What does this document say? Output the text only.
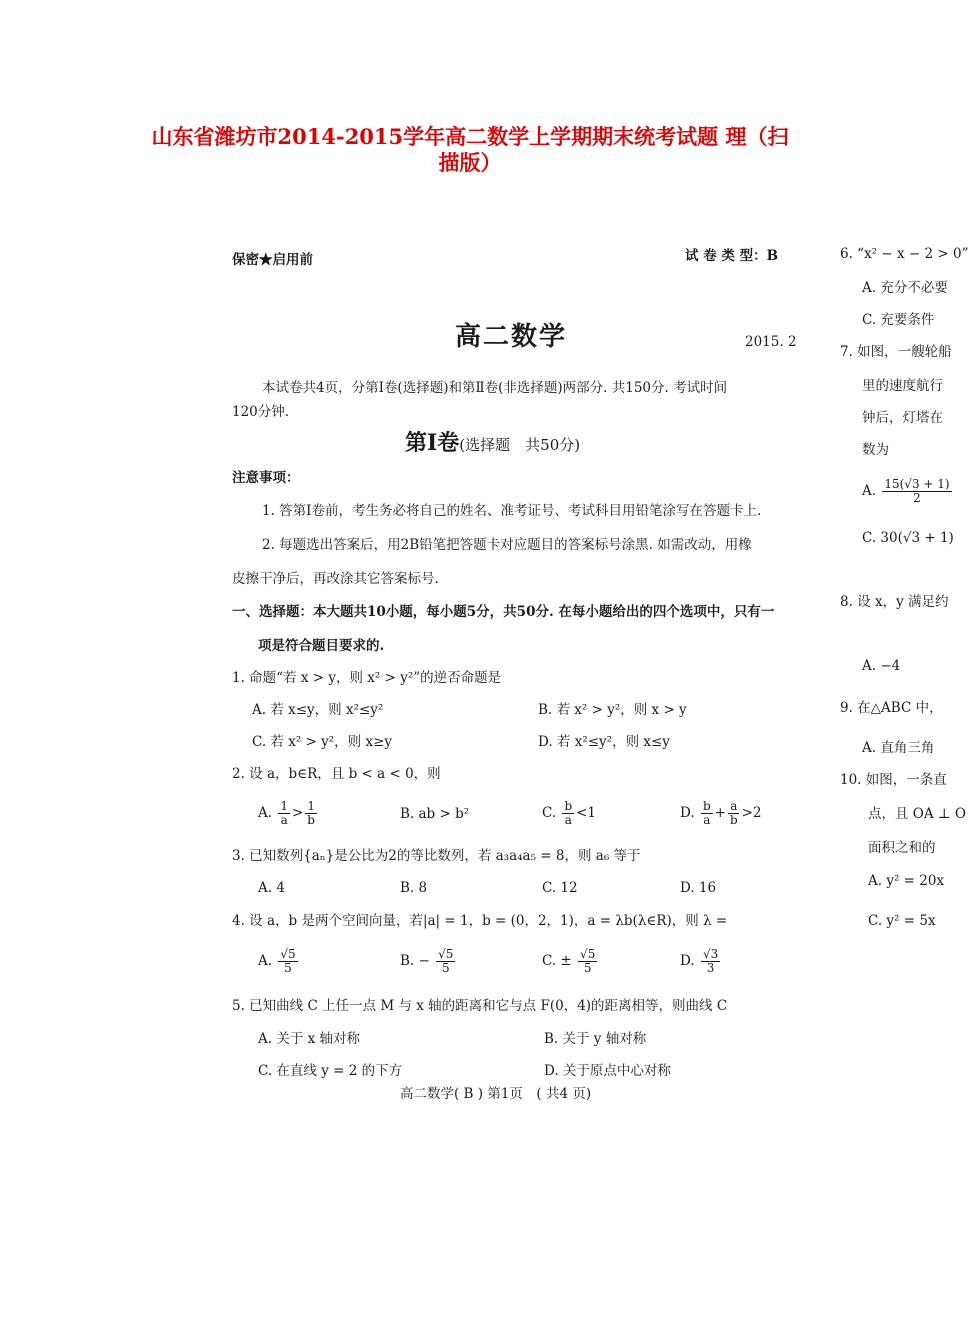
山东省潍坊市2014-2015学年高二数学上学期期末统考试题 理（扫
描版）
保密★启用前	试 卷 类 型：B
高二数学	2015. 2
本试卷共4页，分第Ⅰ卷(选择题)和第Ⅱ卷(非选择题)两部分. 共150分. 考试时间
120分钟.
第Ⅰ卷(选择题　共50分)
注意事项：
1. 答第Ⅰ卷前，考生务必将自己的姓名、准考证号、考试科目用铅笔涂写在答题卡上.
2. 每题选出答案后，用2B铅笔把答题卡对应题目的答案标号涂黑. 如需改动，用橡
皮擦干净后，再改涂其它答案标号.
一、选择题：本大题共10小题，每小题5分，共50分. 在每小题给出的四个选项中，只有一
项是符合题目要求的.
1. 命题“若 x > y，则 x² > y²”的逆否命题是
A. 若 x≤y，则 x²≤y²	B. 若 x² > y²，则 x > y
C. 若 x² > y²，则 x≥y	D. 若 x²≤y²，则 x≤y
2. 设 a，b∈R，且 b < a < 0，则
A. $\frac{1}{a} > \frac{1}{b}$	B. ab > b²	C. $\frac{b}{a} <1$	D. $\frac{b}{a} + \frac{a}{b} >2$
3. 已知数列{aₙ}是公比为2的等比数列，若 a₃a₄a₅ = 8，则 a₆ 等于
A. 4	B. 8	C. 12	D. 16
4. 设 a，b 是两个空间向量，若|a| = 1，b = (0，2，1)，a = λb(λ∈R)，则 λ =
A. $\frac{√5}{5}$	B. − $\frac{√5}{5}$	C. ± $\frac{√5}{5}$	D. $\frac{√3}{3}$
5. 已知曲线 C 上任一点 M 与 x 轴的距离和它与点 F(0，4)的距离相等，则曲线 C
A. 关于 x 轴对称	B. 关于 y 轴对称
C. 在直线 y = 2 的下方	D. 关于原点中心对称
高二数学( B ) 第1页　( 共4 页)
6. “x² − x − 2 > 0”
A. 充分不必要
C. 充要条件
7. 如图，一艘轮船
里的速度航行
钟后，灯塔在
数为
A. $\frac{15(√3 + 1)}{2}$
C. 30(√3 + 1)
8. 设 x，y 满足约
A. −4
9. 在△ABC 中，
A. 直角三角
10. 如图，一条直
点，且 OA ⊥ O
面积之和的
A. y² = 20x
C. y² = 5x
